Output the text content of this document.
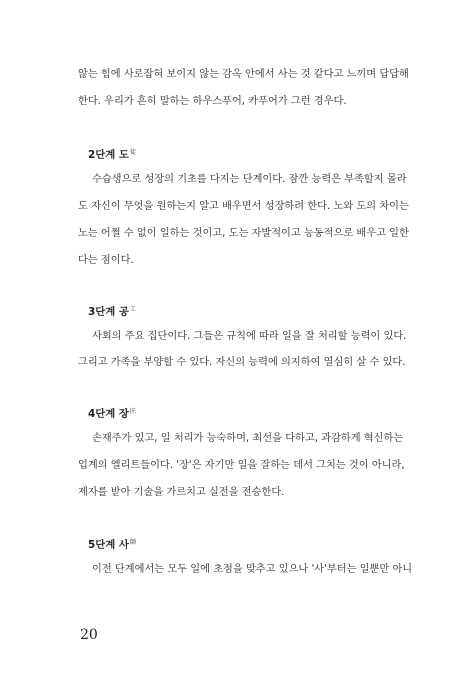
않는 힘에 사로잡혀 보이지 않는 감옥 안에서 사는 것 같다고 느끼며 답답해
한다. 우리가 흔히 말하는 하우스푸어, 카푸어가 그런 경우다.
2단계 도$^徒$
수습생으로 성장의 기초를 다지는 단계이다. 잠깐 능력은 부족할지 몰라
도 자신이 무엇을 원하는지 알고 배우면서 성장하려 한다. 노와 도의 차이는
노는 어쩔 수 없이 일하는 것이고, 도는 자발적이고 능동적으로 배우고 일한
다는 점이다.
3단계 공$^工$
사회의 주요 집단이다. 그들은 규칙에 따라 일을 잘 처리할 능력이 있다.
그리고 가족을 부양할 수 있다. 자신의 능력에 의지하여 열심히 살 수 있다.
4단계 장$^匠$
손재주가 있고, 일 처리가 능숙하며, 최선을 다하고, 과감하게 혁신하는
업계의 엘리트들이다. '장'은 자기만 일을 잘하는 데서 그치는 것이 아니라,
제자를 받아 기술을 가르치고 실전을 전승한다.
5단계 사$^師$
이전 단계에서는 모두 일에 초점을 맞추고 있으나 '사'부터는 일뿐만 아니
20
